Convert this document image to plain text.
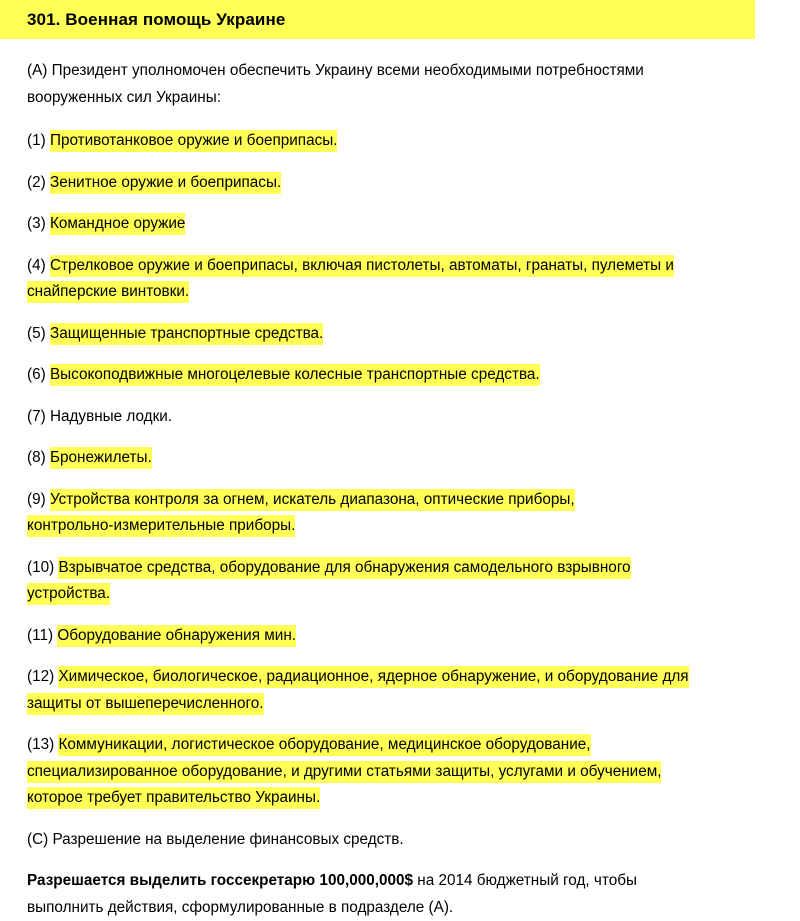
301. Военная помощь Украине
(A) Президент уполномочен обеспечить Украину всеми необходимыми потребностями
вооруженных сил Украины:
(1) Противотанковое оружие и боеприпасы.
(2) Зенитное оружие и боеприпасы.
(3) Командное оружие
(4) Стрелковое оружие и боеприпасы, включая пистолеты, автоматы, гранаты, пулеметы и
снайперские винтовки.
(5) Защищенные транспортные средства.
(6) Высокоподвижные многоцелевые колесные транспортные средства.
(7) Надувные лодки.
(8) Бронежилеты.
(9) Устройства контроля за огнем, искатель диапазона, оптические приборы,
контрольно-измерительные приборы.
(10) Взрывчатое средства, оборудование для обнаружения самодельного взрывного
устройства.
(11) Оборудование обнаружения мин.
(12) Химическое, биологическое, радиационное, ядерное обнаружение, и оборудование для
защиты от вышеперечисленного.
(13) Коммуникации, логистическое оборудование, медицинское оборудование,
специализированное оборудование, и другими статьями защиты, услугами и обучением,
которое требует правительство Украины.
(C) Разрешение на выделение финансовых средств.
Разрешается выделить госсекретарю 100,000,000$ на 2014 бюджетный год, чтобы
выполнить действия, сформулированные в подразделе (A).
